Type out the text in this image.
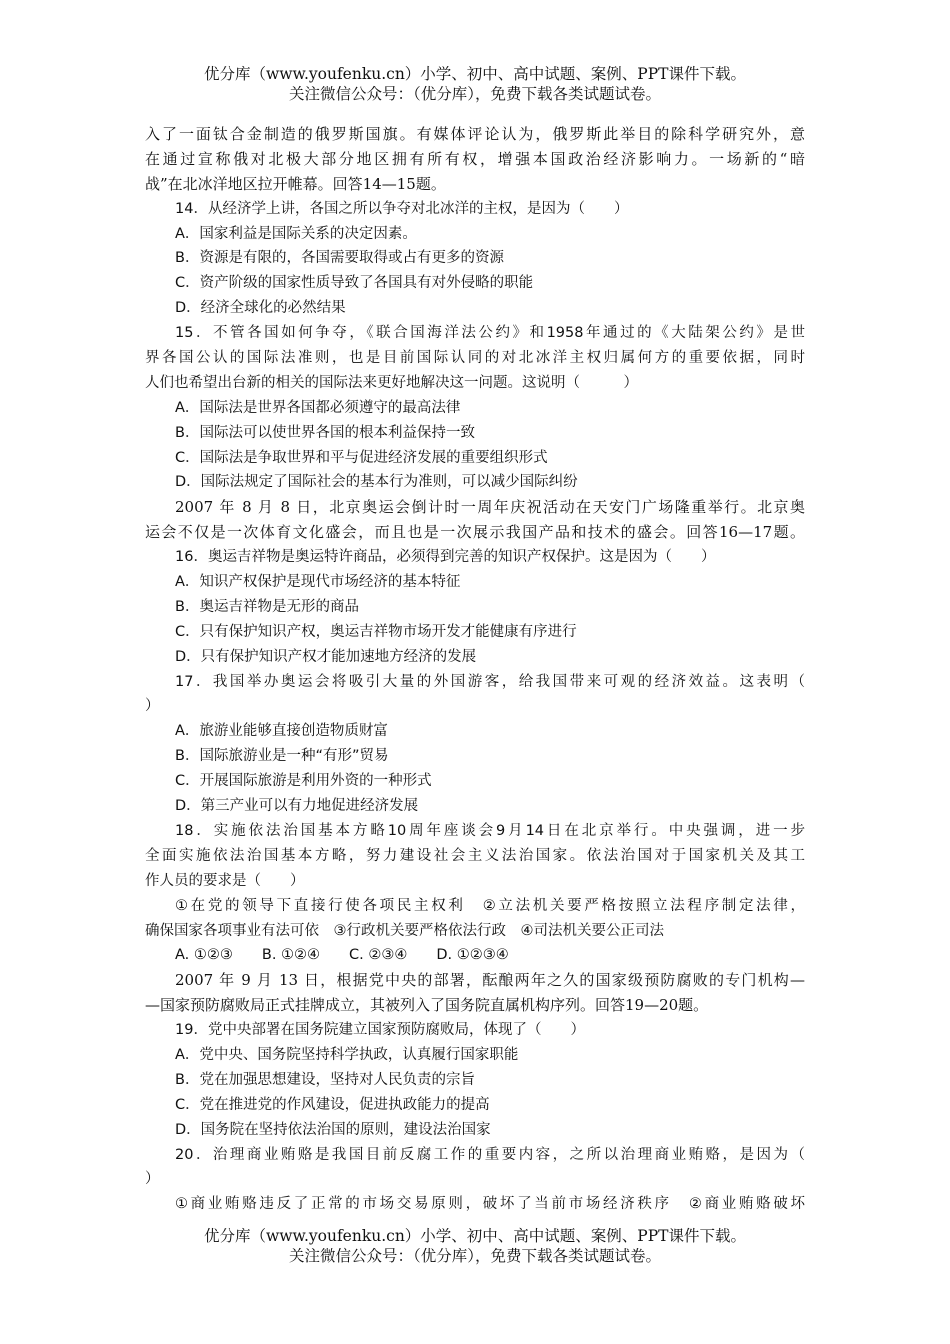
优分库（www.youfenku.cn）小学、初中、高中试题、案例、PPT课件下载。
关注微信公众号：（优分库），免费下载各类试题试卷。
入了一面钛合金制造的俄罗斯国旗。有媒体评论认为，俄罗斯此举目的除科学研究外，意
在通过宣称俄对北极大部分地区拥有所有权，增强本国政治经济影响力。一场新的“暗
战”在北冰洋地区拉开帷幕。回答14—15题。
14．从经济学上讲，各国之所以争夺对北冰洋的主权，是因为（　　）
A．国家利益是国际关系的决定因素。
B．资源是有限的，各国需要取得或占有更多的资源
C．资产阶级的国家性质导致了各国具有对外侵略的职能
D．经济全球化的必然结果
15．不管各国如何争夺，《联合国海洋法公约》和1958年通过的《大陆架公约》是世
界各国公认的国际法准则，也是目前国际认同的对北冰洋主权归属何方的重要依据，同时
人们也希望出台新的相关的国际法来更好地解决这一问题。这说明（　　　）
A．国际法是世界各国都必须遵守的最高法律
B．国际法可以使世界各国的根本利益保持一致
C．国际法是争取世界和平与促进经济发展的重要组织形式
D．国际法规定了国际社会的基本行为准则，可以减少国际纠纷
2007 年 8 月 8 日，北京奥运会倒计时一周年庆祝活动在天安门广场隆重举行。北京奥
运会不仅是一次体育文化盛会，而且也是一次展示我国产品和技术的盛会。回答16—17题。
16．奥运吉祥物是奥运特许商品，必须得到完善的知识产权保护。这是因为（　　）
A．知识产权保护是现代市场经济的基本特征
B．奥运吉祥物是无形的商品
C．只有保护知识产权，奥运吉祥物市场开发才能健康有序进行
D．只有保护知识产权才能加速地方经济的发展
17．我国举办奥运会将吸引大量的外国游客，给我国带来可观的经济效益。这表明（
）
A．旅游业能够直接创造物质财富
B．国际旅游业是一种“有形”贸易
C．开展国际旅游是利用外资的一种形式
D．第三产业可以有力地促进经济发展
18．实施依法治国基本方略10周年座谈会9月14日在北京举行。中央强调，进一步
全面实施依法治国基本方略，努力建设社会主义法治国家。依法治国对于国家机关及其工
作人员的要求是（　　）
①在党的领导下直接行使各项民主权利　②立法机关要严格按照立法程序制定法律，
确保国家各项事业有法可依　③行政机关要严格依法行政　④司法机关要公正司法
A. ①②③　　B. ①②④　　C. ②③④　　D. ①②③④
2007 年 9 月 13 日，根据党中央的部署，酝酿两年之久的国家级预防腐败的专门机构—
—国家预防腐败局正式挂牌成立，其被列入了国务院直属机构序列。回答19—20题。
19．党中央部署在国务院建立国家预防腐败局，体现了（　　）
A．党中央、国务院坚持科学执政，认真履行国家职能
B．党在加强思想建设，坚持对人民负责的宗旨
C．党在推进党的作风建设，促进执政能力的提高
D．国务院在坚持依法治国的原则，建设法治国家
20．治理商业贿赂是我国目前反腐工作的重要内容，之所以治理商业贿赂，是因为（
）
①商业贿赂违反了正常的市场交易原则，破坏了当前市场经济秩序　②商业贿赂破坏
优分库（www.youfenku.cn）小学、初中、高中试题、案例、PPT课件下载。
关注微信公众号：（优分库），免费下载各类试题试卷。
